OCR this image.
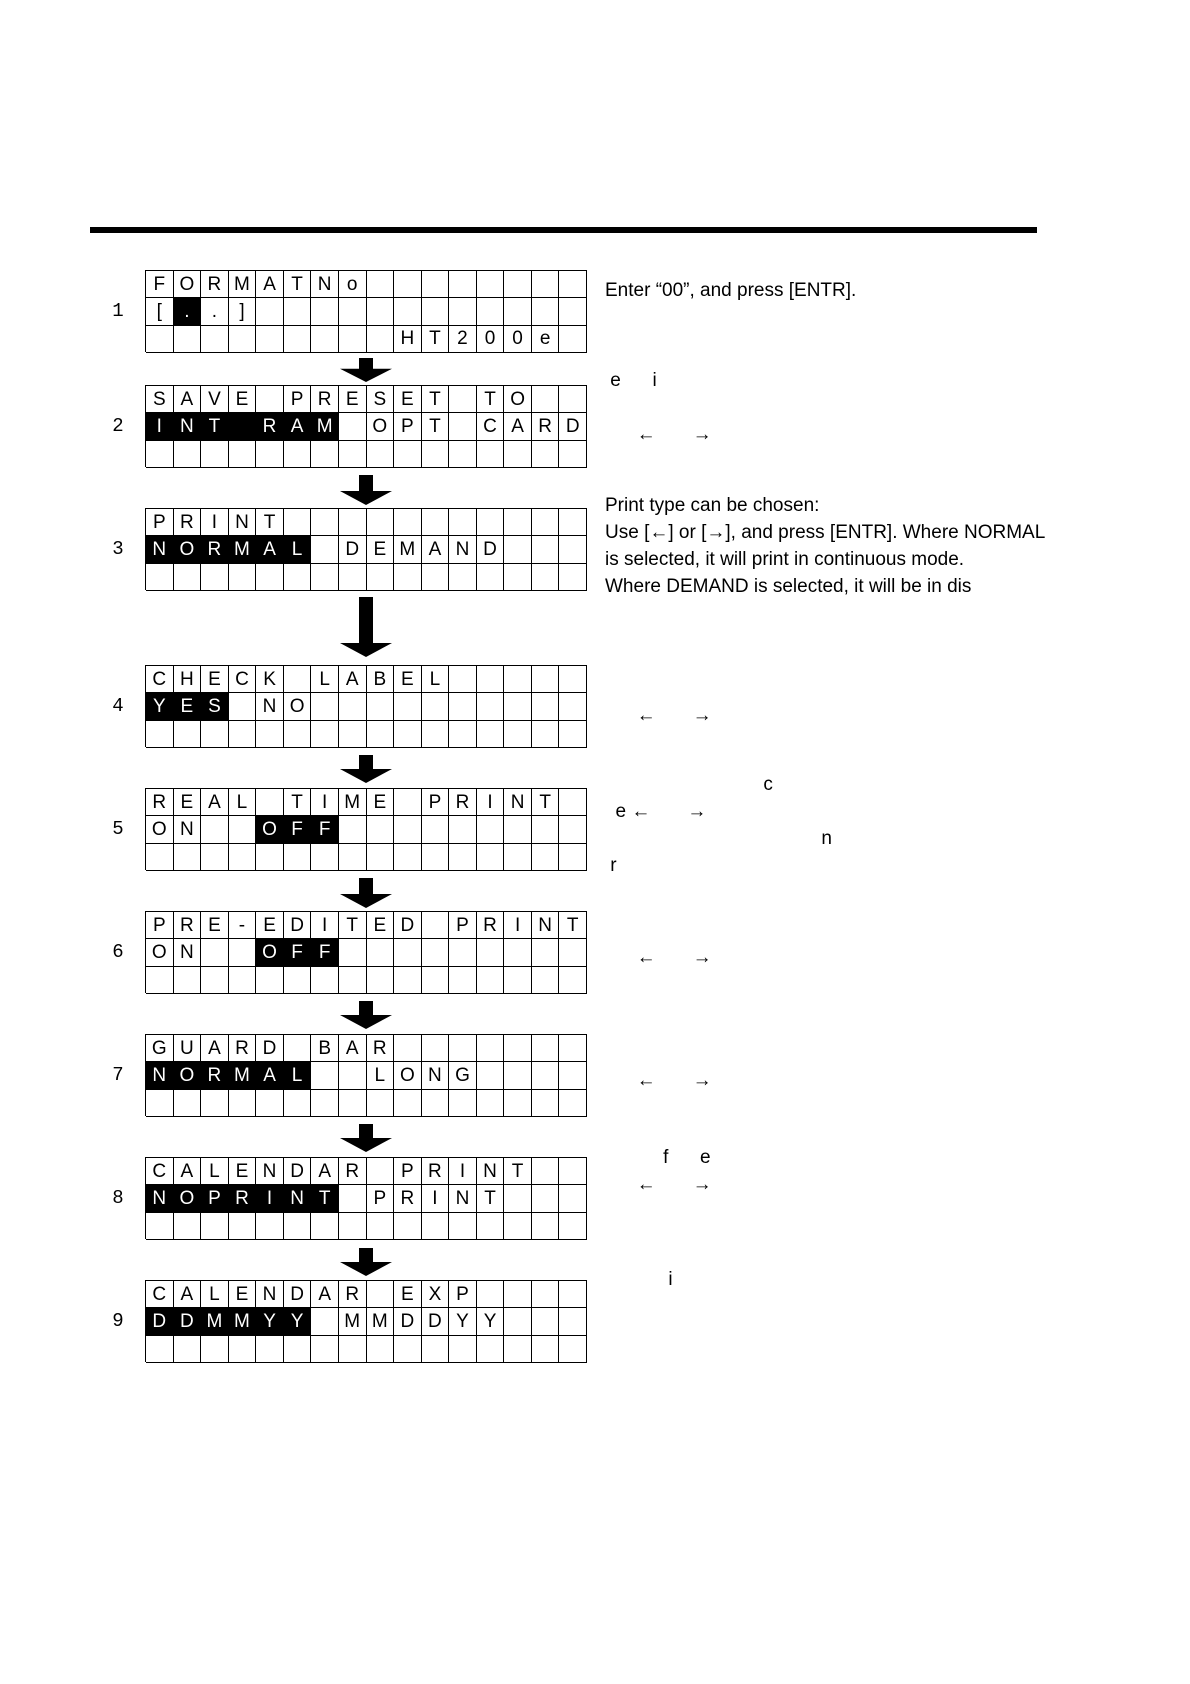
1
F O R M A T N o
[	.	.	]
H T 2 0 0 e
Enter “00”, and press [ENTR].
2
S A V E	P R E S E T	T O
I N T	R A M	O P T	C A R D
e      i
←       →
3
P R I N T
N O R M A L	D E M A N D
Print type can be chosen:
Use [←] or [→], and press [ENTR]. Where NORMAL
is selected, it will print in continuous mode.
Where DEMAND is selected, it will be in dis
4
C H E C K	L A B E L
Y E S	N O	←       →
5
R E A L	T	I M E	P R I N T
O N	O F F
c
e ←       →
n
r
6
P R E - E D I	T E D	P R I N T
O N	O F F	←       →
7
G U A R D	B A R
N O R M A L	L O N G	←       →
8
C A L E N D A R	P R I N T
N O P R I N T	P R I N T
f      e
←       →
9
C A L E N D A R	E X P
D D M M Y Y	M M D D Y Y
i
